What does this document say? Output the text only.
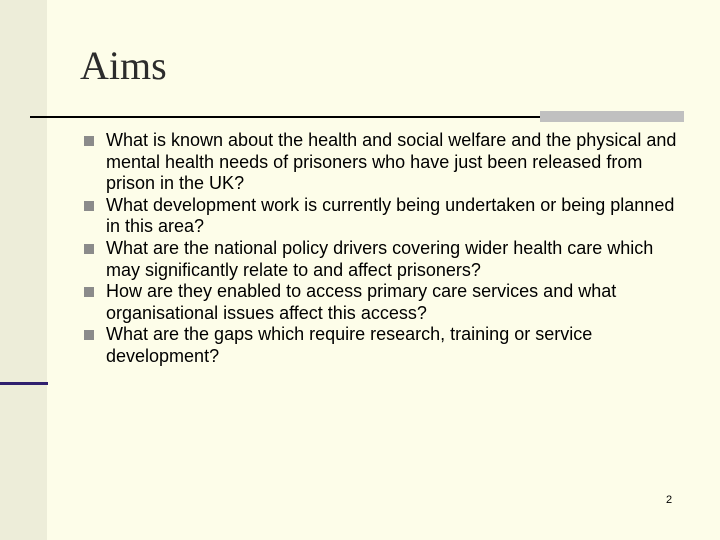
Aims
What is known about the health and social welfare and the physical and mental health needs of prisoners who have just been released from prison in the UK?
What development work is currently being undertaken or being planned in this area?
What are the national policy drivers covering wider health care which may significantly relate to and affect prisoners?
How are they enabled to access primary care services and what organisational issues affect this access?
What are the gaps which require research, training or service development?
2
